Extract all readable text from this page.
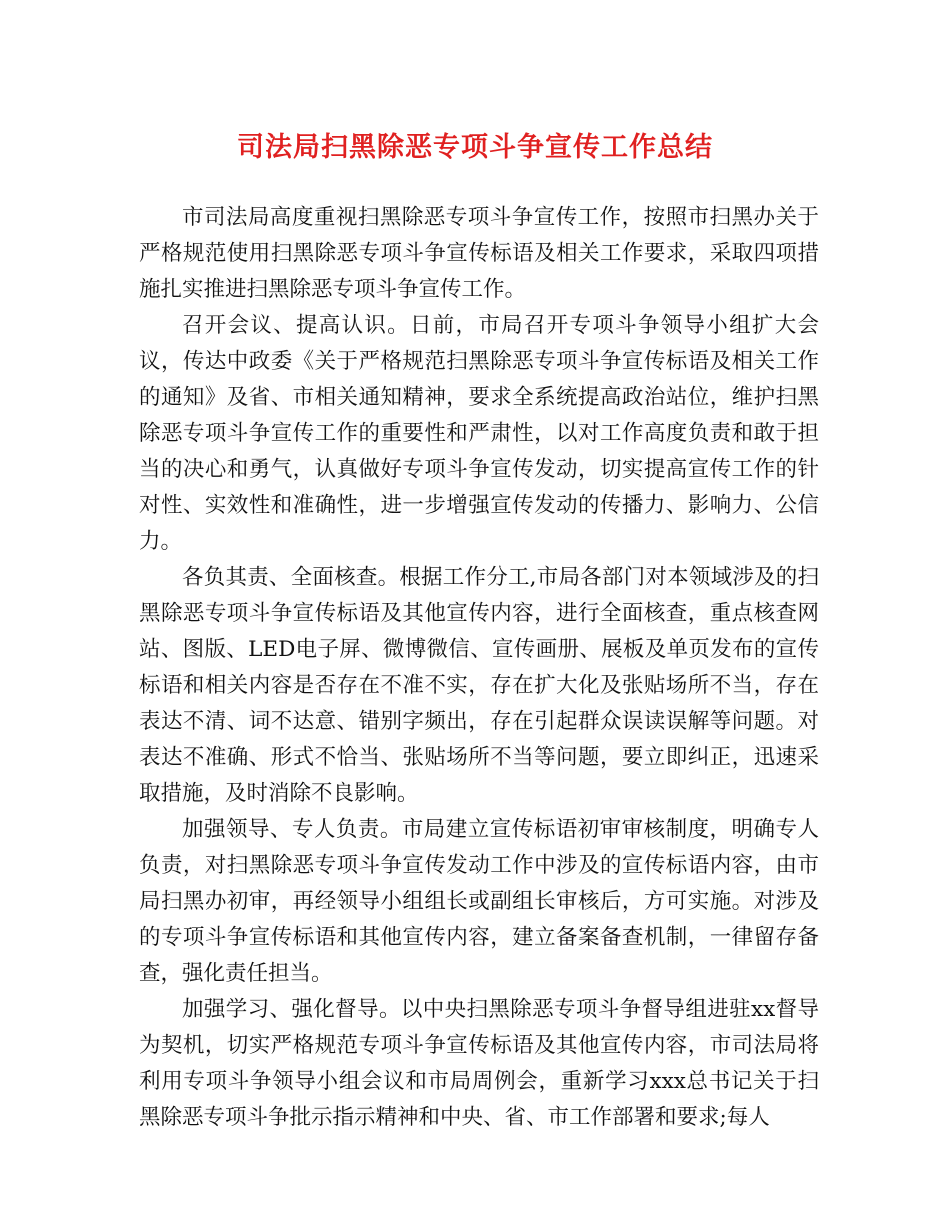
司法局扫黑除恶专项斗争宣传工作总结

市司法局高度重视扫黑除恶专项斗争宣传工作，按照市扫黑办关于严格规范使用扫黑除恶专项斗争宣传标语及相关工作要求，采取四项措施扎实推进扫黑除恶专项斗争宣传工作。

召开会议、提高认识。日前，市局召开专项斗争领导小组扩大会议，传达中政委《关于严格规范扫黑除恶专项斗争宣传标语及相关工作的通知》及省、市相关通知精神，要求全系统提高政治站位，维护扫黑除恶专项斗争宣传工作的重要性和严肃性，以对工作高度负责和敢于担当的决心和勇气，认真做好专项斗争宣传发动，切实提高宣传工作的针对性、实效性和准确性，进一步增强宣传发动的传播力、影响力、公信力。

各负其责、全面核查。根据工作分工,市局各部门对本领域涉及的扫黑除恶专项斗争宣传标语及其他宣传内容，进行全面核查，重点核查网站、图版、LED电子屏、微博微信、宣传画册、展板及单页发布的宣传标语和相关内容是否存在不准不实，存在扩大化及张贴场所不当，存在表达不清、词不达意、错别字频出，存在引起群众误读误解等问题。对表达不准确、形式不恰当、张贴场所不当等问题，要立即纠正，迅速采取措施，及时消除不良影响。

加强领导、专人负责。市局建立宣传标语初审审核制度，明确专人负责，对扫黑除恶专项斗争宣传发动工作中涉及的宣传标语内容，由市局扫黑办初审，再经领导小组组长或副组长审核后，方可实施。对涉及的专项斗争宣传标语和其他宣传内容，建立备案备查机制，一律留存备查，强化责任担当。

加强学习、强化督导。以中央扫黑除恶专项斗争督导组进驻xx督导为契机，切实严格规范专项斗争宣传标语及其他宣传内容，市司法局将利用专项斗争领导小组会议和市局周例会，重新学习xxx总书记关于扫黑除恶专项斗争批示指示精神和中央、省、市工作部署和要求;每人
